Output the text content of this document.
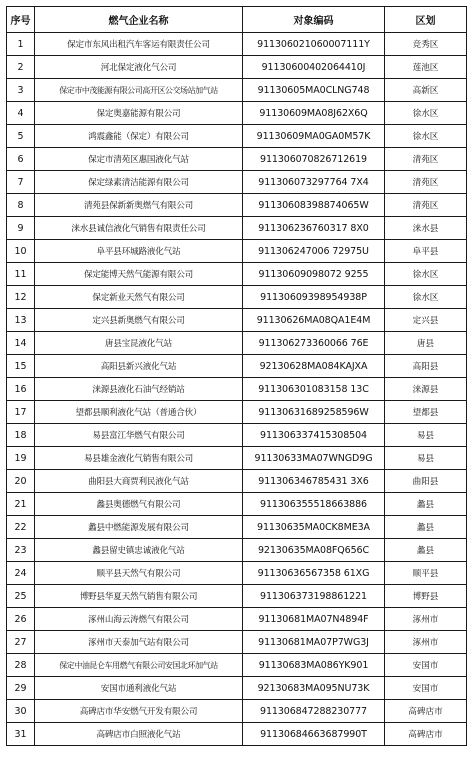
序号	燃气企业名称	对象编码	区划
1	保定市东风出租汽车客运有限责任公司	911306021060007111Y	竞秀区
2	河北保定液化气公司	91130600402064410J	莲池区
3	保定市中茂能源有限公司高开区公交场站加气站	91130605MA0CLNG748	高新区
4	保定奥嘉能源有限公司	91130609MA08J62X6Q	徐水区
5	鸿震鑫能（保定）有限公司	91130609MA0GA0M57K	徐水区
6	保定市清苑区惠国液化气站	911306070826712619	清苑区
7	保定绿素清洁能源有限公司	911306073297764 7X4	清苑区
8	清苑县保新新奥燃气有限公司	91130608398874065W	清苑区
9	涞水县诚信液化气销售有限责任公司	911306236760317 8X0	涞水县
10	阜平县环城路液化气站	911306247006 72975U	阜平县
11	保定能博天然气能源有限公司	91130609098072 9255	徐水区
12	保定新业天然气有限公司	91130609398954938P	徐水区
13	定兴县新奥燃气有限公司	91130626MA08QA1E4M	定兴县
14	唐县宝昆液化气站	911306273360066 76E	唐县
15	高阳县新兴液化气站	92130628MA084KAJXA	高阳县
16	涞源县液化石油气经销站	911306301083158 13C	涞源县
17	望都县顺利液化气站（普通合伙）	91130631689258596W	望都县
18	易县富江华燃气有限公司	911306337415308504	易县
19	易县雄金液化气销售有限公司	91130633MA07WNGD9G	易县
20	曲阳县大商贾利民液化气站	911306346785431 3X6	曲阳县
21	蠡县奥德燃气有限公司	911306355518663886	蠡县
22	蠡县中燃能源发展有限公司	91130635MA0CK8ME3A	蠡县
23	蠡县留史镇忠诚液化气站	92130635MA08FQ656C	蠡县
24	顺平县天然气有限公司	91130636567358 61XG	顺平县
25	博野县华夏天然气销售有限公司	911306373198861221	博野县
26	涿州山海云涛燃气有限公司	91130681MA07N4894F	涿州市
27	涿州市天泰加气站有限公司	91130681MA07P7WG3J	涿州市
28	保定中油昆仑车用燃气有限公司安国北环加气站	91130683MA086YK901	安国市
29	安国市通利液化气站	92130683MA095NU73K	安国市
30	高碑店市华安燃气开发有限公司	911306847288230777	高碑店市
31	高碑店市白照液化气站	91130684663687990T	高碑店市
